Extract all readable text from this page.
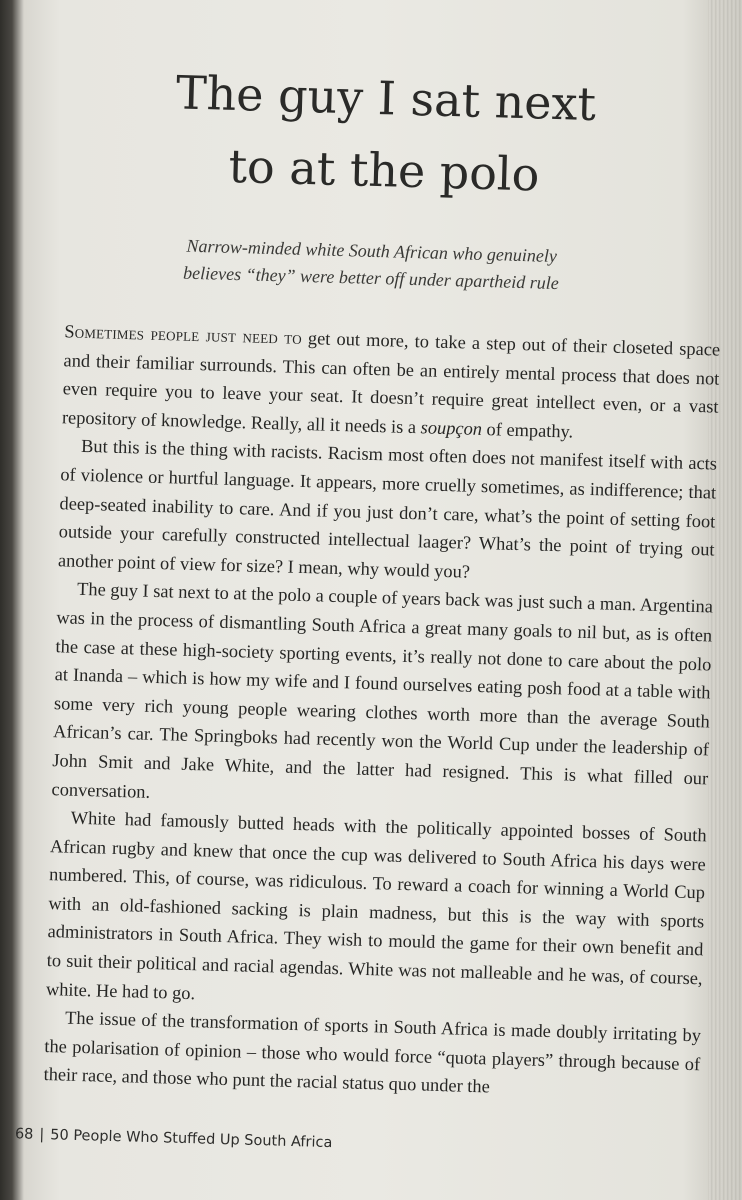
The guy I sat next
to at the polo
Narrow-minded white South African who genuinely
believes “they” were better off under apartheid rule

Sometimes people just need to get out more, to take a step out of their closeted space and their familiar surrounds. This can often be an entirely mental process that does not even require you to leave your seat. It doesn’t require great intellect even, or a vast repository of knowledge. Really, all it needs is a soupçon of empathy.

But this is the thing with racists. Racism most often does not manifest itself with acts of violence or hurtful language. It appears, more cruelly sometimes, as indifference; that deep-seated inability to care. And if you just don’t care, what’s the point of setting foot outside your carefully constructed intellectual laager? What’s the point of trying out another point of view for size? I mean, why would you?

The guy I sat next to at the polo a couple of years back was just such a man. Argentina was in the process of dismantling South Africa a great many goals to nil but, as is often the case at these high-society sporting events, it’s really not done to care about the polo at Inanda – which is how my wife and I found ourselves eating posh food at a table with some very rich young people wearing clothes worth more than the average South African’s car. The Springboks had recently won the World Cup under the leadership of John Smit and Jake White, and the latter had resigned. This is what filled our conversation.

White had famously butted heads with the politically appointed bosses of South African rugby and knew that once the cup was delivered to South Africa his days were numbered. This, of course, was ridiculous. To reward a coach for winning a World Cup with an old-fashioned sacking is plain madness, but this is the way with sports administrators in South Africa. They wish to mould the game for their own benefit and to suit their political and racial agendas. White was not malleable and he was, of course, white. He had to go.

The issue of the transformation of sports in South Africa is made doubly irritating by the polarisation of opinion – those who would force “quota players” through because of their race, and those who punt the racial status quo under the

68 | 50 People Who Stuffed Up South Africa
